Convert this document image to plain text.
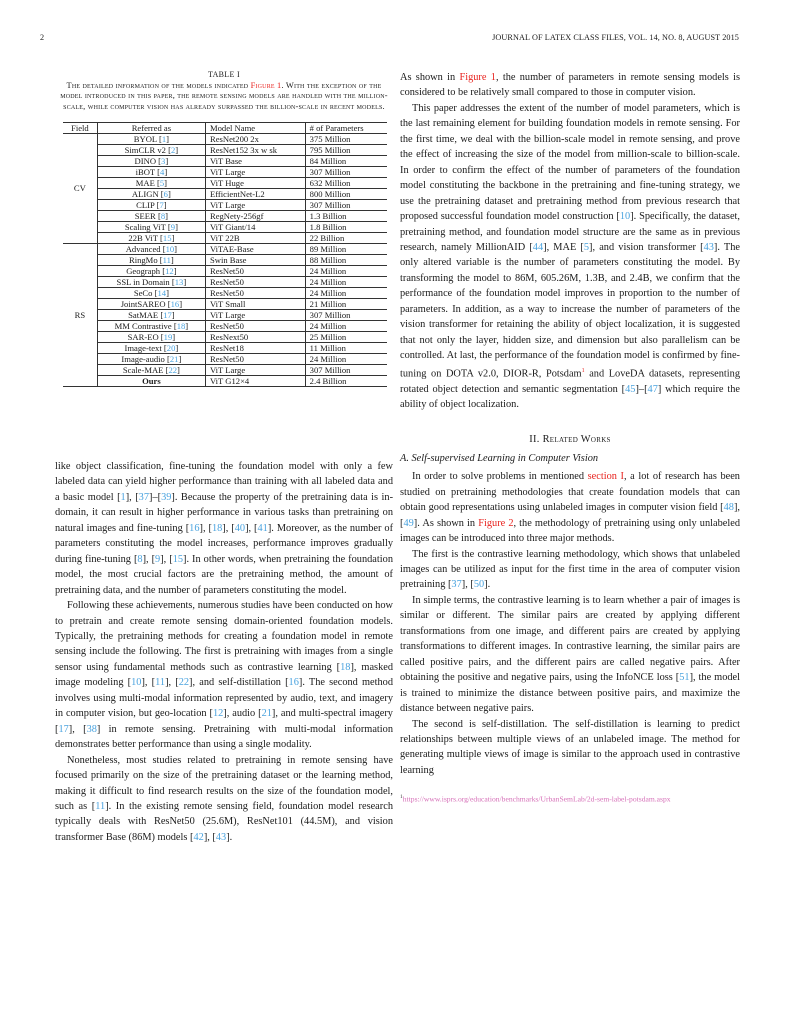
2	JOURNAL OF LATEX CLASS FILES, VOL. 14, NO. 8, AUGUST 2015
TABLE I
The detailed information of the models indicated Figure 1. With the exception of the model introduced in this paper, the remote sensing models are handled with the million-scale, while computer vision has already surpassed the billion-scale in recent models.
Field	Referred as	Model Name	# of Parameters
CV	BYOL [1]	ResNet200 2x	375 Million
	SimCLR v2 [2]	ResNet152 3x w sk	795 Million
	DINO [3]	ViT Base	84 Million
	iBOT [4]	ViT Large	307 Million
	MAE [5]	ViT Huge	632 Million
	ALIGN [6]	EfficientNet-L2	800 Million
	CLIP [7]	ViT Large	307 Million
	SEER [8]	RegNety-256gf	1.3 Billion
	Scaling ViT [9]	ViT Giant/14	1.8 Billion
	22B ViT [15]	ViT 22B	22 Billion
RS	Advanced [10]	ViTAE-Base	89 Million
	RingMo [11]	Swin Base	88 Million
	Geograph [12]	ResNet50	24 Million
	SSL in Domain [13]	ResNet50	24 Million
	SeCo [14]	ResNet50	24 Million
	JointSAREO [16]	ViT Small	21 Million
	SatMAE [17]	ViT Large	307 Million
	MM Contrastive [18]	ResNet50	24 Million
	SAR-EO [19]	ResNext50	25 Million
	Image-text [20]	ResNet18	11 Million
	Image-audio [21]	ResNet50	24 Million
	Scale-MAE [22]	ViT Large	307 Million
	Ours	ViT G12×4	2.4 Billion

like object classification, fine-tuning the foundation model with only a few labeled data can yield higher performance than training with all labeled data and a basic model [1], [37]–[39]. Because the property of the pretraining data is in-domain, it can result in higher performance in various tasks than pretraining on natural images and fine-tuning [16], [18], [40], [41]. Moreover, as the number of parameters constituting the model increases, performance improves gradually during fine-tuning [8], [9], [15]. In other words, when pretraining the foundation model, the most crucial factors are the pretraining method, the amount of pretraining data, and the number of parameters constituting the model.

Following these achievements, numerous studies have been conducted on how to pretrain and create remote sensing domain-oriented foundation models. Typically, the pretraining methods for creating a foundation model in remote sensing include the following. The first is pretraining with images from a single sensor using fundamental methods such as contrastive learning [18], masked image modeling [10], [11], [22], and self-distillation [16]. The second method involves using multi-modal information represented by audio, text, and imagery in computer vision, but geo-location [12], audio [21], and multi-spectral imagery [17], [38] in remote sensing. Pretraining with multi-modal information demonstrates better performance than using a single modality.

Nonetheless, most studies related to pretraining in remote sensing have focused primarily on the size of the pretraining dataset or the learning method, making it difficult to find research results on the size of the foundation model, such as [11]. In the existing remote sensing field, foundation model research typically deals with ResNet50 (25.6M), ResNet101 (44.5M), and vision transformer Base (86M) models [42], [43].

As shown in Figure 1, the number of parameters in remote sensing models is considered to be relatively small compared to those in computer vision.

This paper addresses the extent of the number of model parameters, which is the last remaining element for building foundation models in remote sensing. For the first time, we deal with the billion-scale model in remote sensing, and prove the effect of increasing the size of the model from million-scale to billion-scale. In order to confirm the effect of the number of parameters of the foundation model constituting the backbone in the pretraining and fine-tuning strategy, we use the pretraining dataset and pretraining method from previous research that proposed successful foundation model construction [10]. Specifically, the dataset, pretraining method, and foundation model structure are the same as in previous research, namely MillionAID [44], MAE [5], and vision transformer [43]. The only altered variable is the number of parameters constituting the model. By transforming the model to 86M, 605.26M, 1.3B, and 2.4B, we confirm that the performance of the foundation model improves in proportion to the number of parameters. In addition, as a way to increase the number of parameters of the vision transformer for retaining the ability of object localization, it is suggested that not only the layer, hidden size, and dimension but also parallelism can be controlled. At last, the performance of the foundation model is confirmed by fine-tuning on DOTA v2.0, DIOR-R, Potsdam$^1$ and LoveDA datasets, representing rotated object detection and semantic segmentation [45]–[47] which require the ability of object localization.

II. Related Works
A. Self-supervised Learning in Computer Vision

In order to solve problems in mentioned section I, a lot of research has been studied on pretraining methodologies that create foundation models that can obtain good representations using unlabeled images in computer vision field [48], [49]. As shown in Figure 2, the methodology of pretraining using only unlabeled images can be introduced into three major methods.

The first is the contrastive learning methodology, which shows that unlabeled images can be utilized as input for the first time in the area of computer vision pretraining [37], [50].

In simple terms, the contrastive learning is to learn whether a pair of images is similar or different. The similar pairs are created by applying different transformations from one image, and different pairs are created by applying transformations to different images. In contrastive learning, the similar pairs are called positive pairs, and the different pairs are called negative pairs. After obtaining the positive and negative pairs, using the InfoNCE loss [51], the model is trained to minimize the distance between positive pairs, and maximize the distance between negative pairs.

The second is self-distillation. The self-distillation is learning to predict relationships between multiple views of an unlabeled image. The method for generating multiple views of image is similar to the approach used in contrastive learning

$^1$https://www.isprs.org/education/benchmarks/UrbanSemLab/2d-sem-label-potsdam.aspx
